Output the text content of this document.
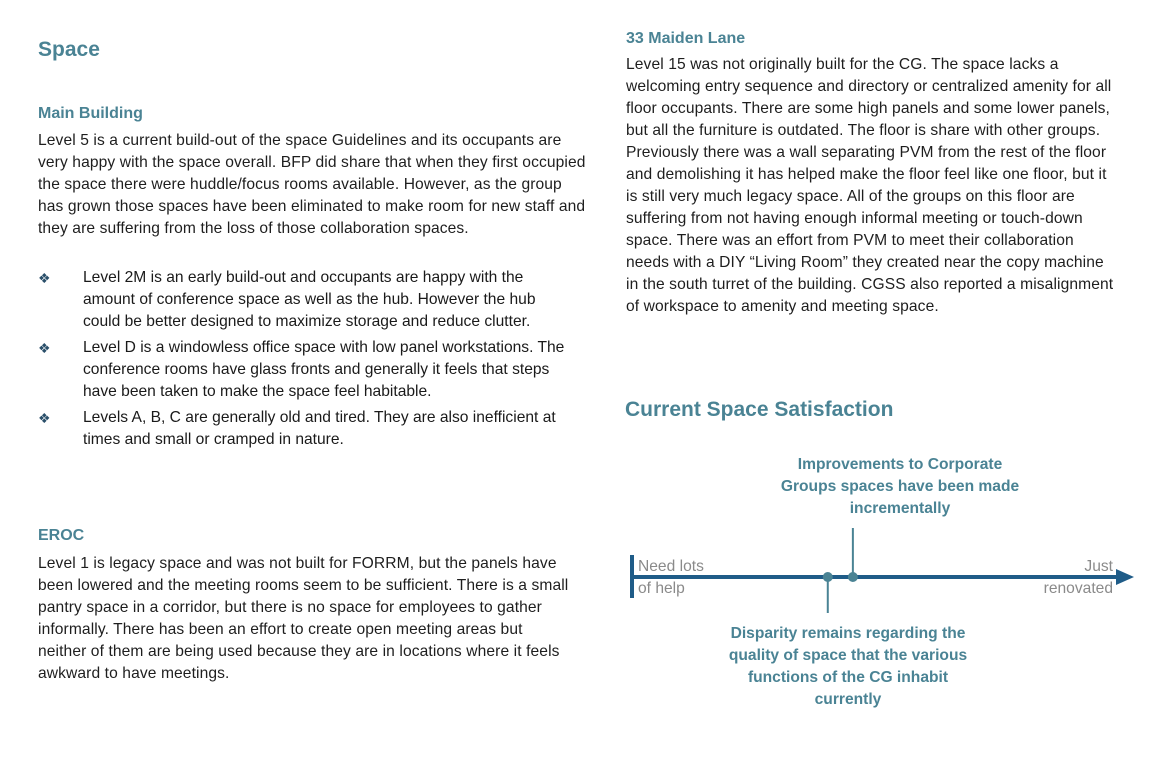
Space
Main Building

Level 5 is a current build-out of the space Guidelines and its occupants are very happy with the space overall. BFP did share that when they first occupied the space there were huddle/focus rooms available. However, as the group has grown those spaces have been eliminated to make room for new staff and they are suffering from the loss of those collaboration spaces.

❖ Level 2M is an early build-out and occupants are happy with the amount of conference space as well as the hub. However the hub could be better designed to maximize storage and reduce clutter.
❖ Level D is a windowless office space with low panel workstations. The conference rooms have glass fronts and generally it feels that steps have been taken to make the space feel habitable.
❖ Levels A, B, C are generally old and tired. They are also inefficient at times and small or cramped in nature.
EROC

Level 1 is legacy space and was not built for FORRM, but the panels have been lowered and the meeting rooms seem to be sufficient. There is a small pantry space in a corridor, but there is no space for employees to gather informally. There has been an effort to create open meeting areas but neither of them are being used because they are in locations where it feels awkward to have meetings.

33 Maiden Lane

Level 15 was not originally built for the CG. The space lacks a welcoming entry sequence and directory or centralized amenity for all floor occupants. There are some high panels and some lower panels, but all the furniture is outdated. The floor is share with other groups. Previously there was a wall separating PVM from the rest of the floor and demolishing it has helped make the floor feel like one floor, but it is still very much legacy space. All of the groups on this floor are suffering from not having enough informal meeting or touch-down space. There was an effort from PVM to meet their collaboration needs with a DIY “Living Room” they created near the copy machine in the south turret of the building. CGSS also reported a misalignment of workspace to amenity and meeting space.

Current Space Satisfaction
Improvements to Corporate Groups spaces have been made incrementally
Disparity remains regarding the quality of space that the various functions of the CG inhabit currently
Need lots
of help
Just
renovated
